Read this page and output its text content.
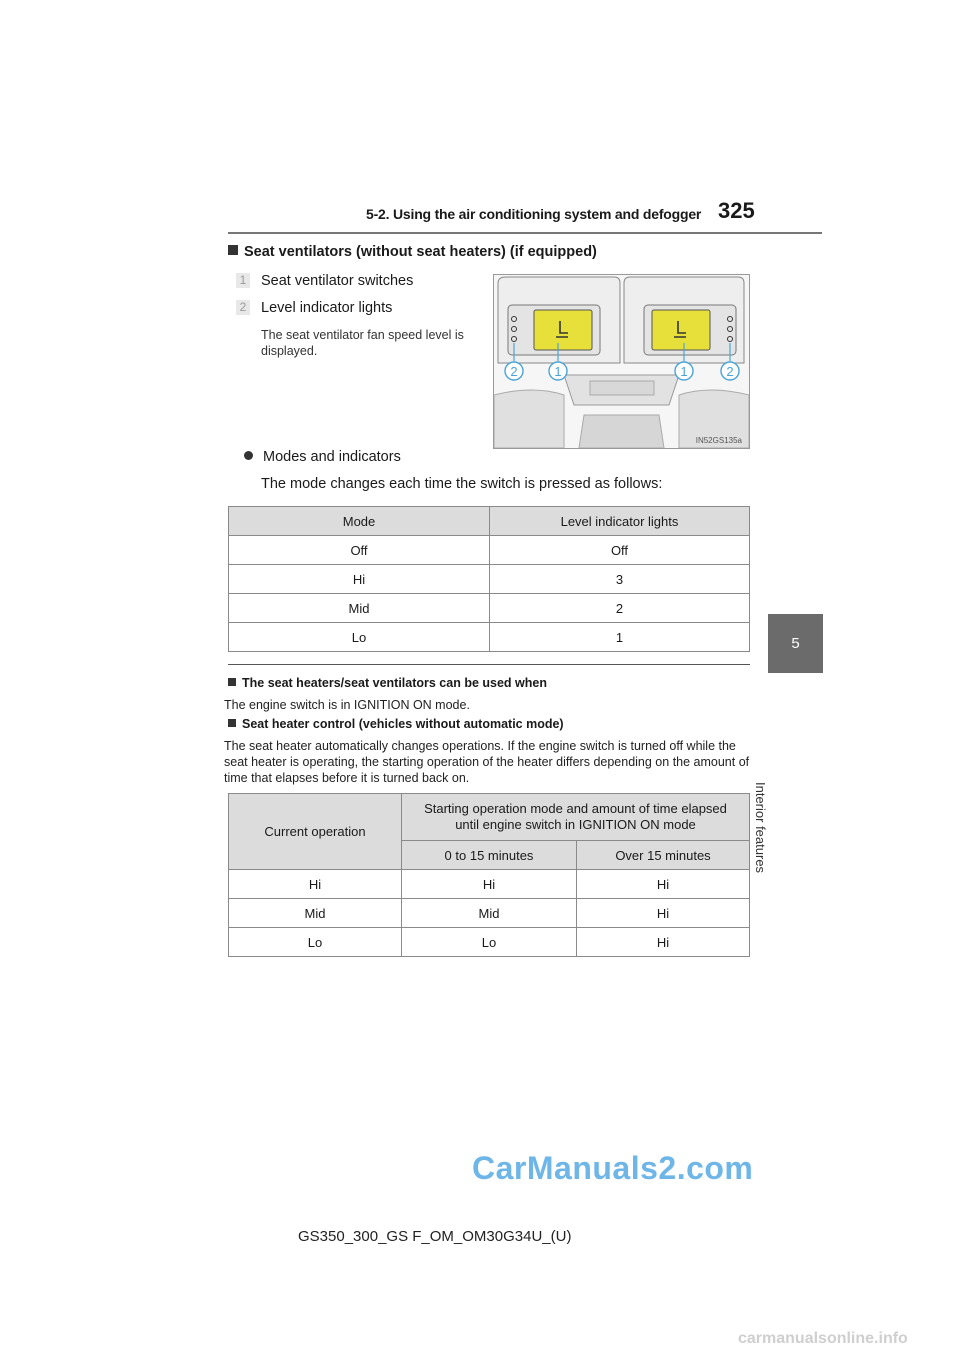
5-2. Using the air conditioning system and defogger 325
5
Interior features
Seat ventilators (without seat heaters) (if equipped)
1 Seat ventilator switches
2 Level indicator lights
The seat ventilator fan speed level is displayed.
2	1	1	2
IN52GS135a
Modes and indicators
The mode changes each time the switch is pressed as follows:
Mode	Level indicator lights
Off	Off
Hi	3
Mid	2
Lo	1
The seat heaters/seat ventilators can be used when
The engine switch is in IGNITION ON mode.
Seat heater control (vehicles without automatic mode)
The seat heater automatically changes operations. If the engine switch is turned off while the seat heater is operating, the starting operation of the heater differs depending on the amount of time that elapses before it is turned back on.
Current operation	Starting operation mode and amount of time elapsed until engine switch in IGNITION ON mode	
	0 to 15 minutes	Over 15 minutes
Hi	Hi	Hi
Mid	Mid	Hi
Lo	Lo	Hi
CarManuals2.com
GS350_300_GS F_OM_OM30G34U_(U)
carmanualsonline.info
